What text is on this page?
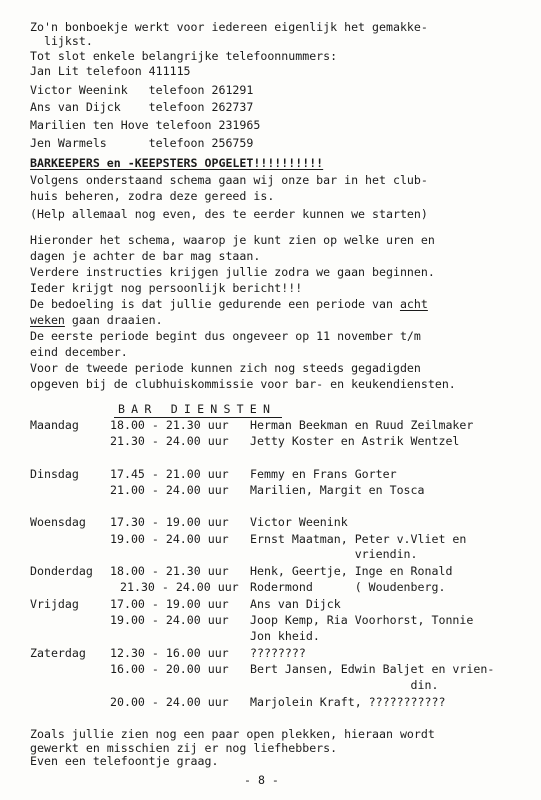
Zo'n bonboekje werkt voor iedereen eigenlijk het gemakke-
lijkst.
Tot slot enkele belangrijke telefoonnummers:
Jan Lit telefoon 411115
Victor Weenink   telefoon 261291
Ans van Dijck    telefoon 262737
Marilien ten Hove telefoon 231965
Jen Warmels      telefoon 256759
BARKEEPERS en -KEEPSTERS OPGELET!!!!!!!!!!
Volgens onderstaand schema gaan wij onze bar in het club-
huis beheren, zodra deze gereed is.
(Help allemaal nog even, des te eerder kunnen we starten)
Hieronder het schema, waarop je kunt zien op welke uren en
dagen je achter de bar mag staan.
Verdere instructies krijgen jullie zodra we gaan beginnen.
Ieder krijgt nog persoonlijk bericht!!!
De bedoeling is dat jullie gedurende een periode van acht
weken gaan draaien.
De eerste periode begint dus ongeveer op 11 november t/m
eind december.
Voor de tweede periode kunnen zich nog steeds gegadigden
opgeven bij de clubhuiskommissie voor bar- en keukendiensten.
BAR DIENSTEN
Maandag	18.00 - 21.30 uur Herman Beekman en Ruud Zeilmaker
21.30 - 24.00 uur Jetty Koster en Astrik Wentzel
Dinsdag	17.45 - 21.00 uur Femmy en Frans Gorter
21.00 - 24.00 uur Marilien, Margit en Tosca
Woensdag 17.30 - 19.00 uur Victor Weenink
19.00 - 24.00 uur Ernst Maatman, Peter v.Vliet en
vriendin.
Donderdag 18.00 - 21.30 uur Henk, Geertje, Inge en Ronald
21.30 - 24.00 uur Rodermond      ( Woudenberg.
Vrijdag	17.00 - 19.00 uur Ans van Dijck
19.00 - 24.00 uur Joop Kemp, Ria Voorhorst, Tonnie
Jon kheid.
Zaterdag 12.30 - 16.00 uur ????????
16.00 - 20.00 uur Bert Jansen, Edwin Baljet en vrien-
din.
20.00 - 24.00 uur Marjolein Kraft, ???????????
Zoals jullie zien nog een paar open plekken, hieraan wordt
gewerkt en misschien zij er nog liefhebbers.
Even een telefoontje graag.
- 8 -
